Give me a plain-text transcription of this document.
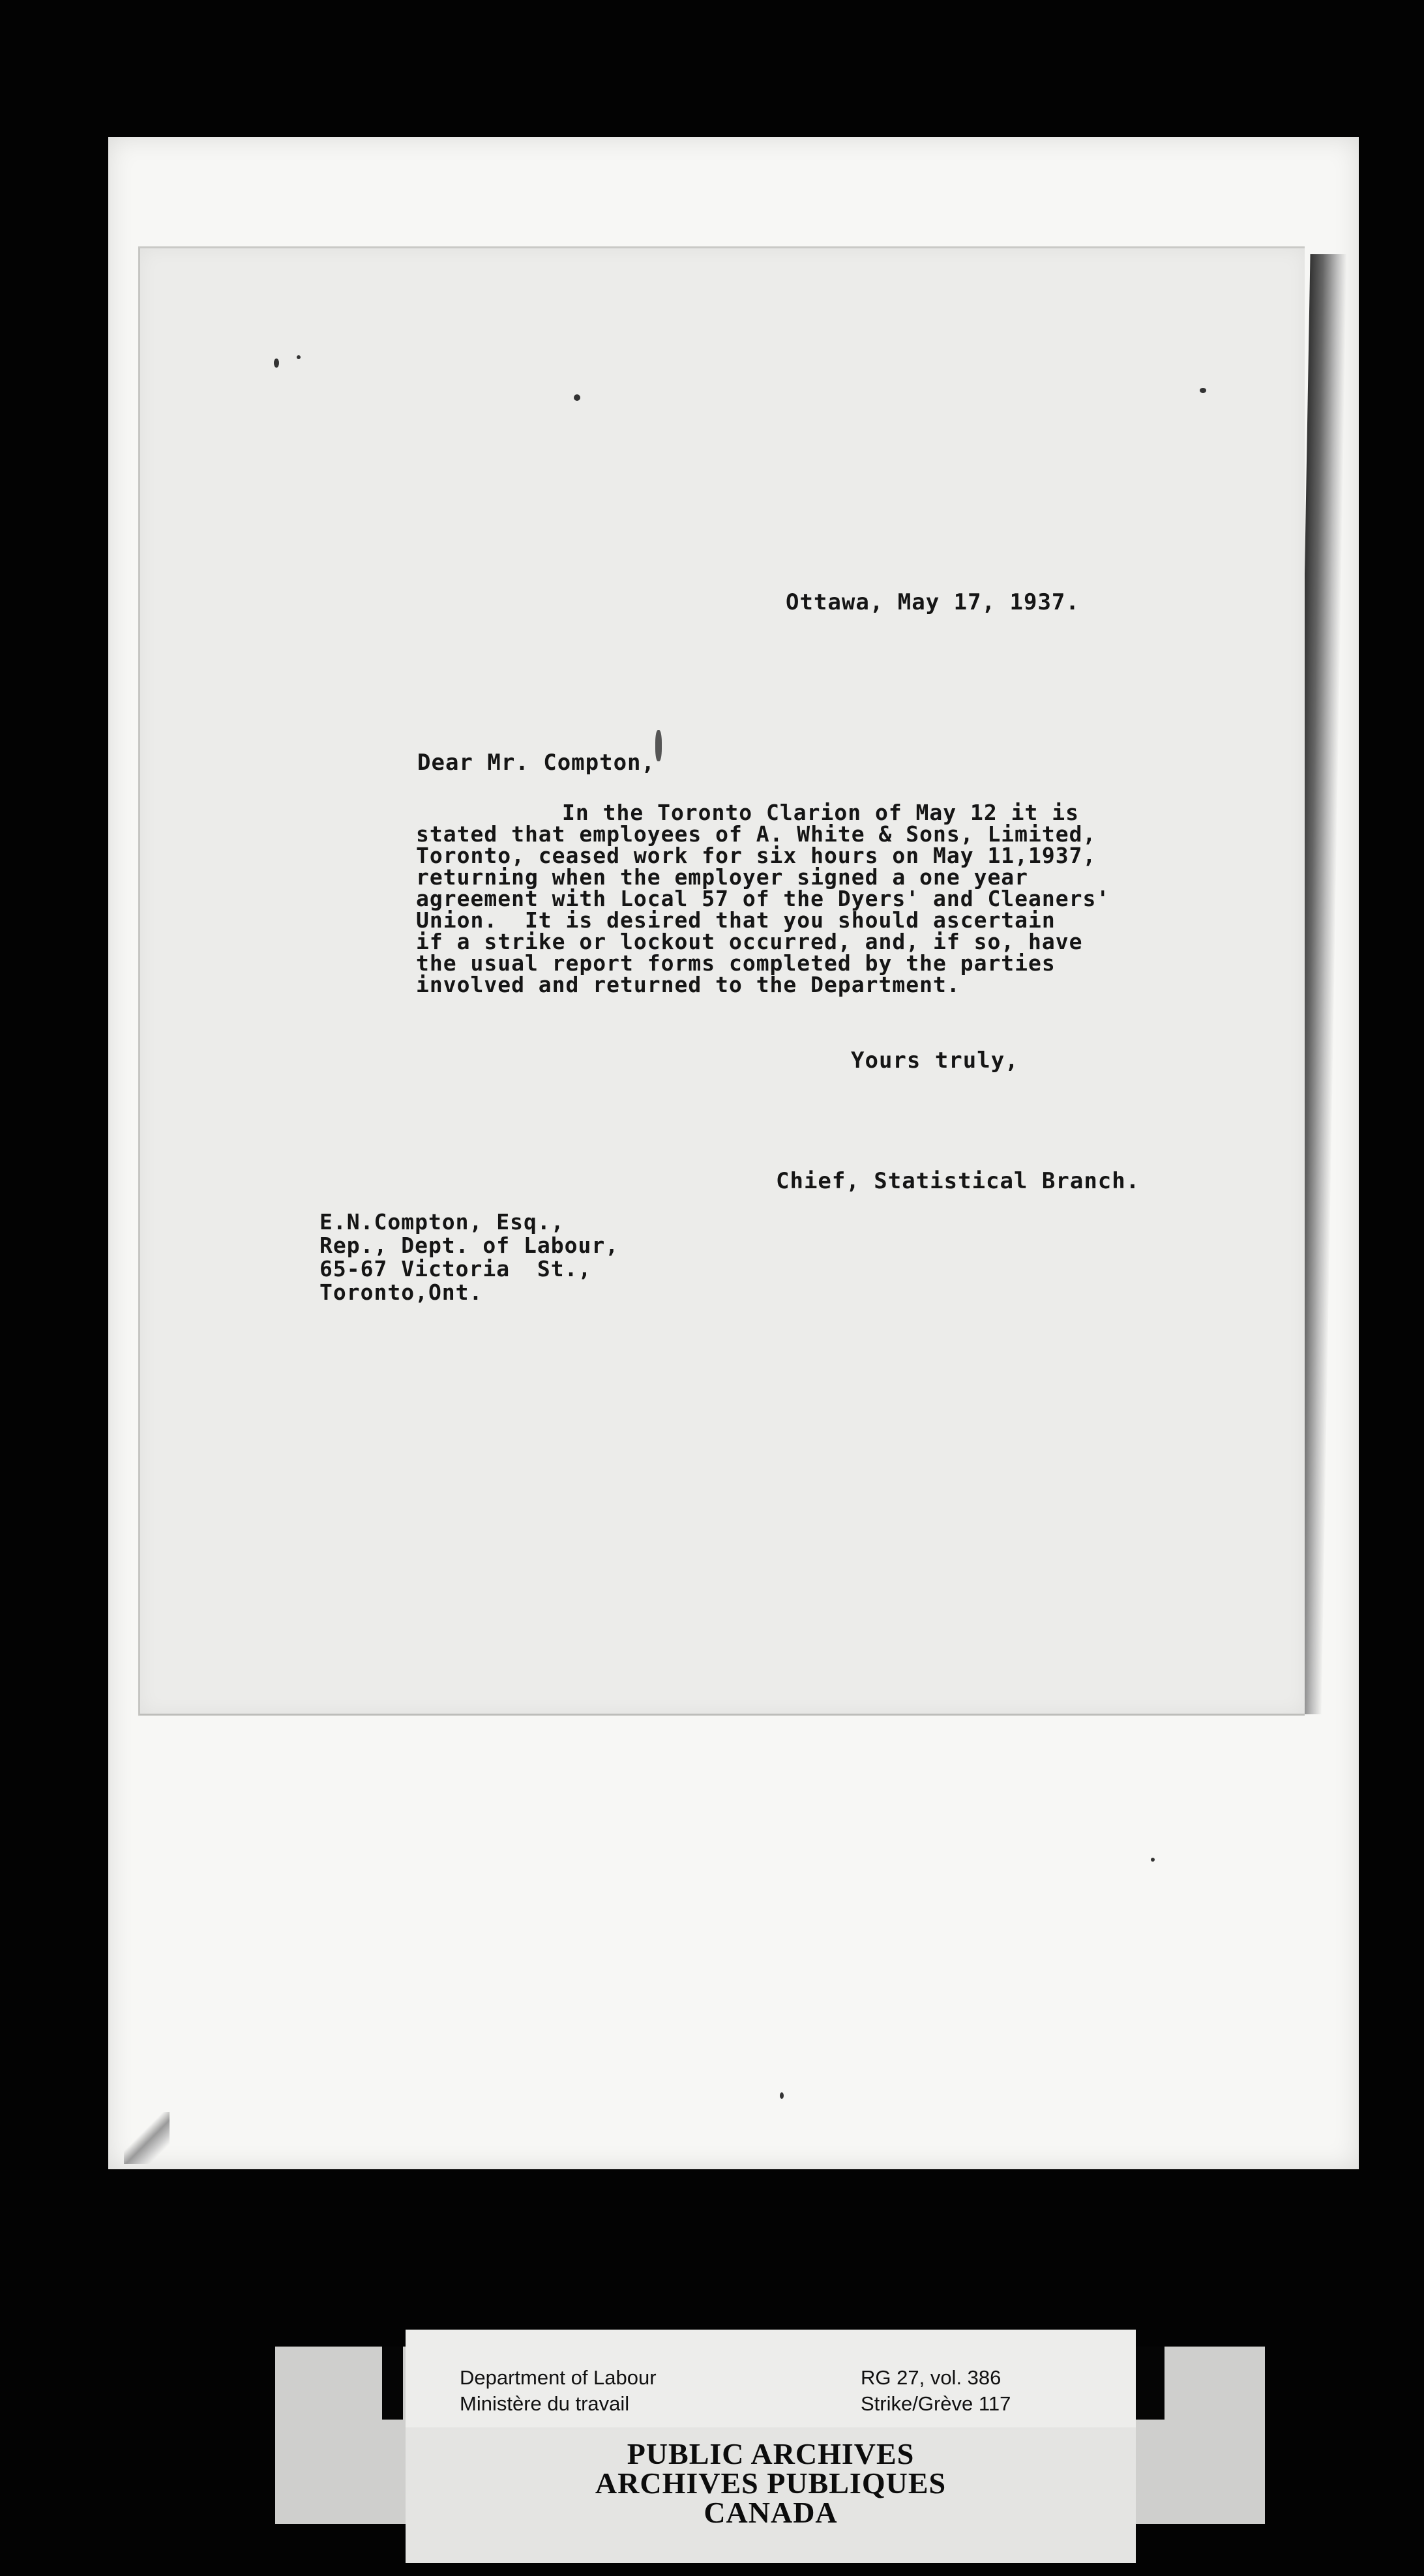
Ottawa, May 17, 1937.
Dear Mr. Compton,
In the Toronto Clarion of May 12 it is
stated that employees of A. White & Sons, Limited,
Toronto, ceased work for six hours on May 11,1937,
returning when the employer signed a one year
agreement with Local 57 of the Dyers' and Cleaners'
Union.  It is desired that you should ascertain
if a strike or lockout occurred, and, if so, have
the usual report forms completed by the parties
involved and returned to the Department.
Yours truly,
Chief, Statistical Branch.
E.N.Compton, Esq.,
Rep., Dept. of Labour,
65-67 Victoria  St.,
Toronto,Ont.
Department of Labour
Ministère du travail
RG 27, vol. 386
Strike/Grève 117
PUBLIC ARCHIVES
ARCHIVES PUBLIQUES
CANADA
